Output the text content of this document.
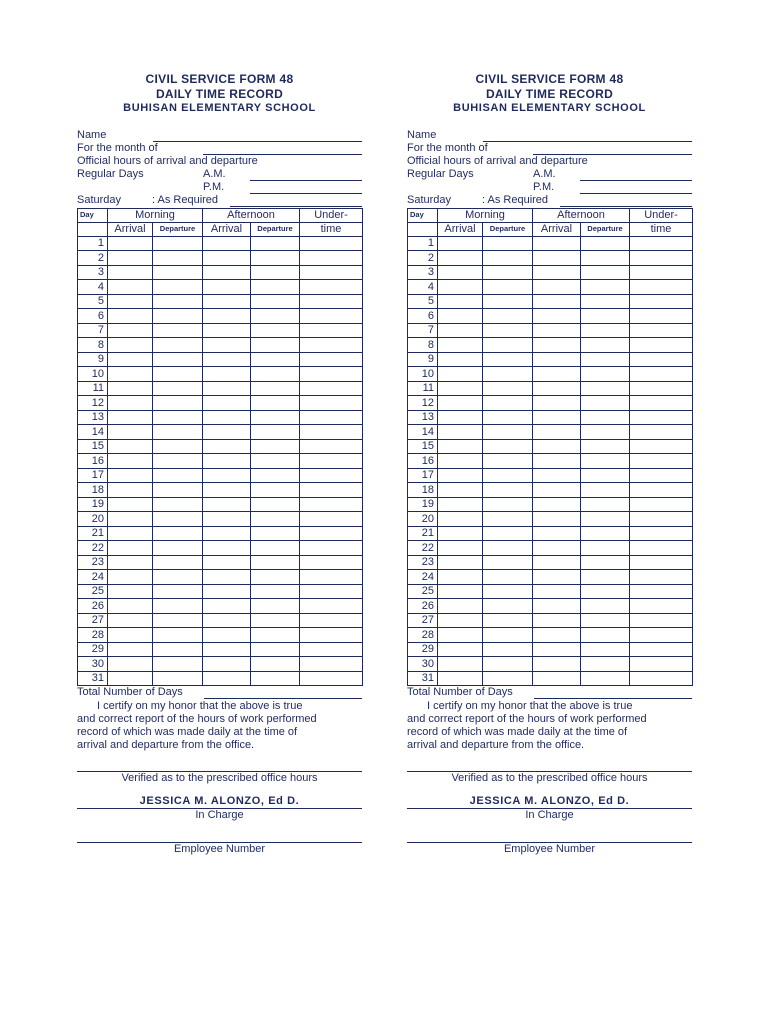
CIVIL SERVICE FORM 48
DAILY TIME RECORD
BUHISAN ELEMENTARY SCHOOL
Name
For the month of
Official hours of arrival and departure
Regular Days	A.M.
P.M.
Saturday	: As Required
Day	Morning		Afternoon		Under-
	Arrival	Departure	Arrival	Departure	time
1					
2					
3					
4					
5					
6					
7					
8					
9					
10					
11					
12					
13					
14					
15					
16					
17					
18					
19					
20					
21					
22					
23					
24					
25					
26					
27					
28					
29					
30					
31					
Total Number of Days
I certify on my honor that the above is true
and correct report of the hours of work performed
record of which was made daily at the time of
arrival and departure from the office.
Verified as to the prescribed office hours
JESSICA M. ALONZO, Ed D.
In Charge
Employee Number
CIVIL SERVICE FORM 48
DAILY TIME RECORD
BUHISAN ELEMENTARY SCHOOL
Name
For the month of
Official hours of arrival and departure
Regular Days	A.M.
P.M.
Saturday	: As Required
Day	Morning		Afternoon		Under-
	Arrival	Departure	Arrival	Departure	time
1					
2					
3					
4					
5					
6					
7					
8					
9					
10					
11					
12					
13					
14					
15					
16					
17					
18					
19					
20					
21					
22					
23					
24					
25					
26					
27					
28					
29					
30					
31					
Total Number of Days
I certify on my honor that the above is true
and correct report of the hours of work performed
record of which was made daily at the time of
arrival and departure from the office.
Verified as to the prescribed office hours
JESSICA M. ALONZO, Ed D.
In Charge
Employee Number
